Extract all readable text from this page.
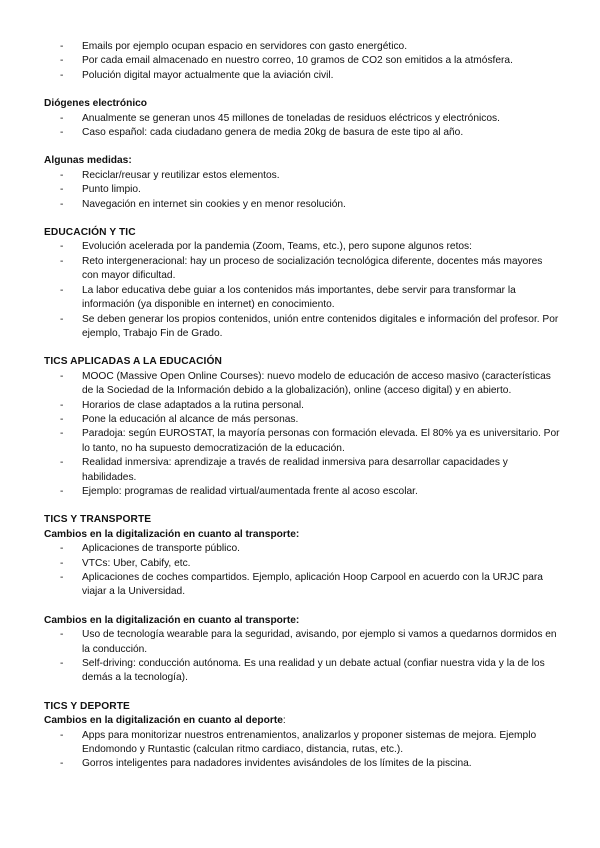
- Emails por ejemplo ocupan espacio en servidores con gasto energético.
- Por cada email almacenado en nuestro correo, 10 gramos de CO2 son emitidos a la atmósfera.
- Polución digital mayor actualmente que la aviación civil.
Diógenes electrónico
- Anualmente se generan unos 45 millones de toneladas de residuos eléctricos y electrónicos.
- Caso español: cada ciudadano genera de media 20kg de basura de este tipo al año.
Algunas medidas:
- Reciclar/reusar y reutilizar estos elementos.
- Punto limpio.
- Navegación en internet sin cookies y en menor resolución.
EDUCACIÓN Y TIC
- Evolución acelerada por la pandemia (Zoom, Teams, etc.), pero supone algunos retos:
- Reto intergeneracional: hay un proceso de socialización tecnológica diferente, docentes más mayores con mayor dificultad.
- La labor educativa debe guiar a los contenidos más importantes, debe servir para transformar la información (ya disponible en internet) en conocimiento.
- Se deben generar los propios contenidos, unión entre contenidos digitales e información del profesor. Por ejemplo, Trabajo Fin de Grado.
TICS APLICADAS A LA EDUCACIÓN
- MOOC (Massive Open Online Courses): nuevo modelo de educación de acceso masivo (características de la Sociedad de la Información debido a la globalización), online (acceso digital) y en abierto.
- Horarios de clase adaptados a la rutina personal.
- Pone la educación al alcance de más personas.
- Paradoja: según EUROSTAT, la mayoría personas con formación elevada. El 80% ya es universitario. Por lo tanto, no ha supuesto democratización de la educación.
- Realidad inmersiva: aprendizaje a través de realidad inmersiva para desarrollar capacidades y habilidades.
- Ejemplo: programas de realidad virtual/aumentada frente al acoso escolar.
TICS Y TRANSPORTE
Cambios en la digitalización en cuanto al transporte:
- Aplicaciones de transporte público.
- VTCs: Uber, Cabify, etc.
- Aplicaciones de coches compartidos. Ejemplo, aplicación Hoop Carpool en acuerdo con la URJC para viajar a la Universidad.
Cambios en la digitalización en cuanto al transporte:
- Uso de tecnología wearable para la seguridad, avisando, por ejemplo si vamos a quedarnos dormidos en la conducción.
- Self-driving: conducción autónoma. Es una realidad y un debate actual (confiar nuestra vida y la de los demás a la tecnología).
TICS Y DEPORTE
Cambios en la digitalización en cuanto al deporte:
- Apps para monitorizar nuestros entrenamientos, analizarlos y proponer sistemas de mejora. Ejemplo Endomondo y Runtastic (calculan ritmo cardiaco, distancia, rutas, etc.).
- Gorros inteligentes para nadadores invidentes avisándoles de los límites de la piscina.
